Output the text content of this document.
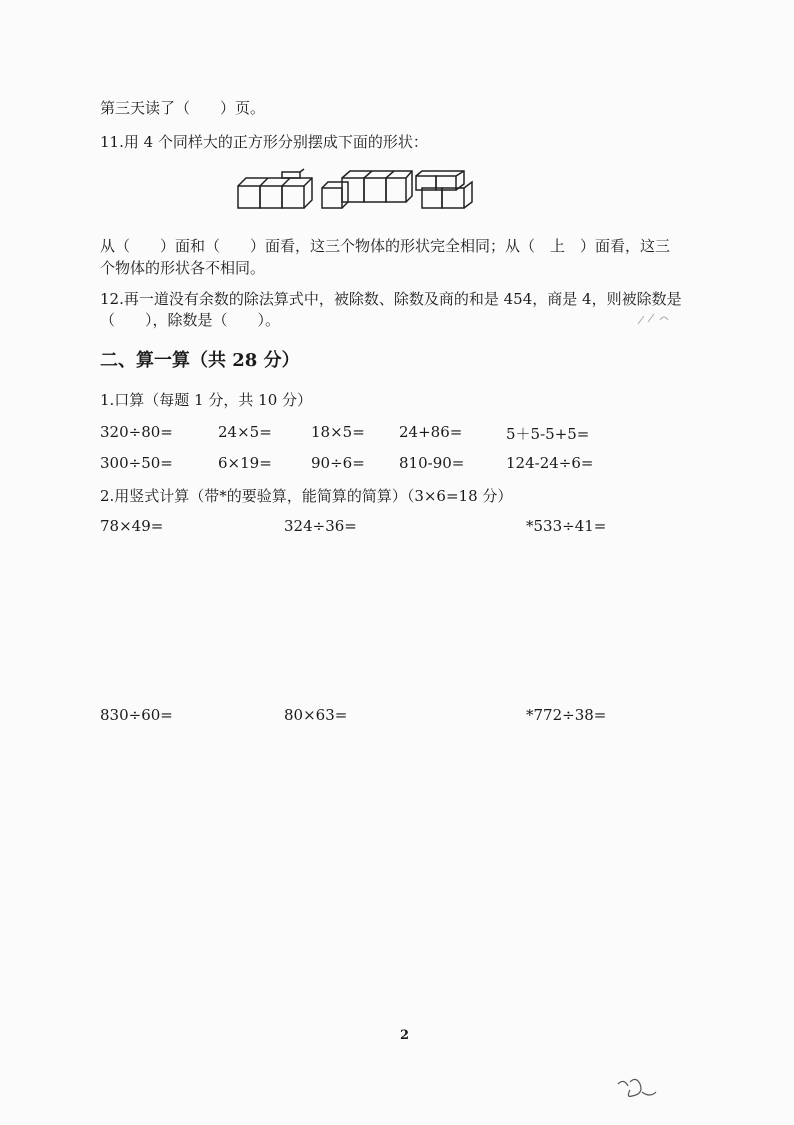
第三天读了（　　）页。
11.用 4 个同样大的正方形分别摆成下面的形状：
从（　　）面和（　　）面看，这三个物体的形状完全相同；从（　上　）面看，这三
个物体的形状各不相同。
12.再一道没有余数的除法算式中，被除数、除数及商的和是 454，商是 4，则被除数是
（　　），除数是（　　）。
二、算一算（共 28 分）
1.口算（每题 1 分，共 10 分）
320÷80=	24×5=	18×5= 24+86=	5＋5-5+5=
300÷50=	6×19=	90÷6= 810-90=	124-24÷6=
2.用竖式计算（带*的要验算，能简算的简算）（3×6=18 分）
78×49=	324÷36=	*533÷41=
830÷60=	80×63=	*772÷38=
2
